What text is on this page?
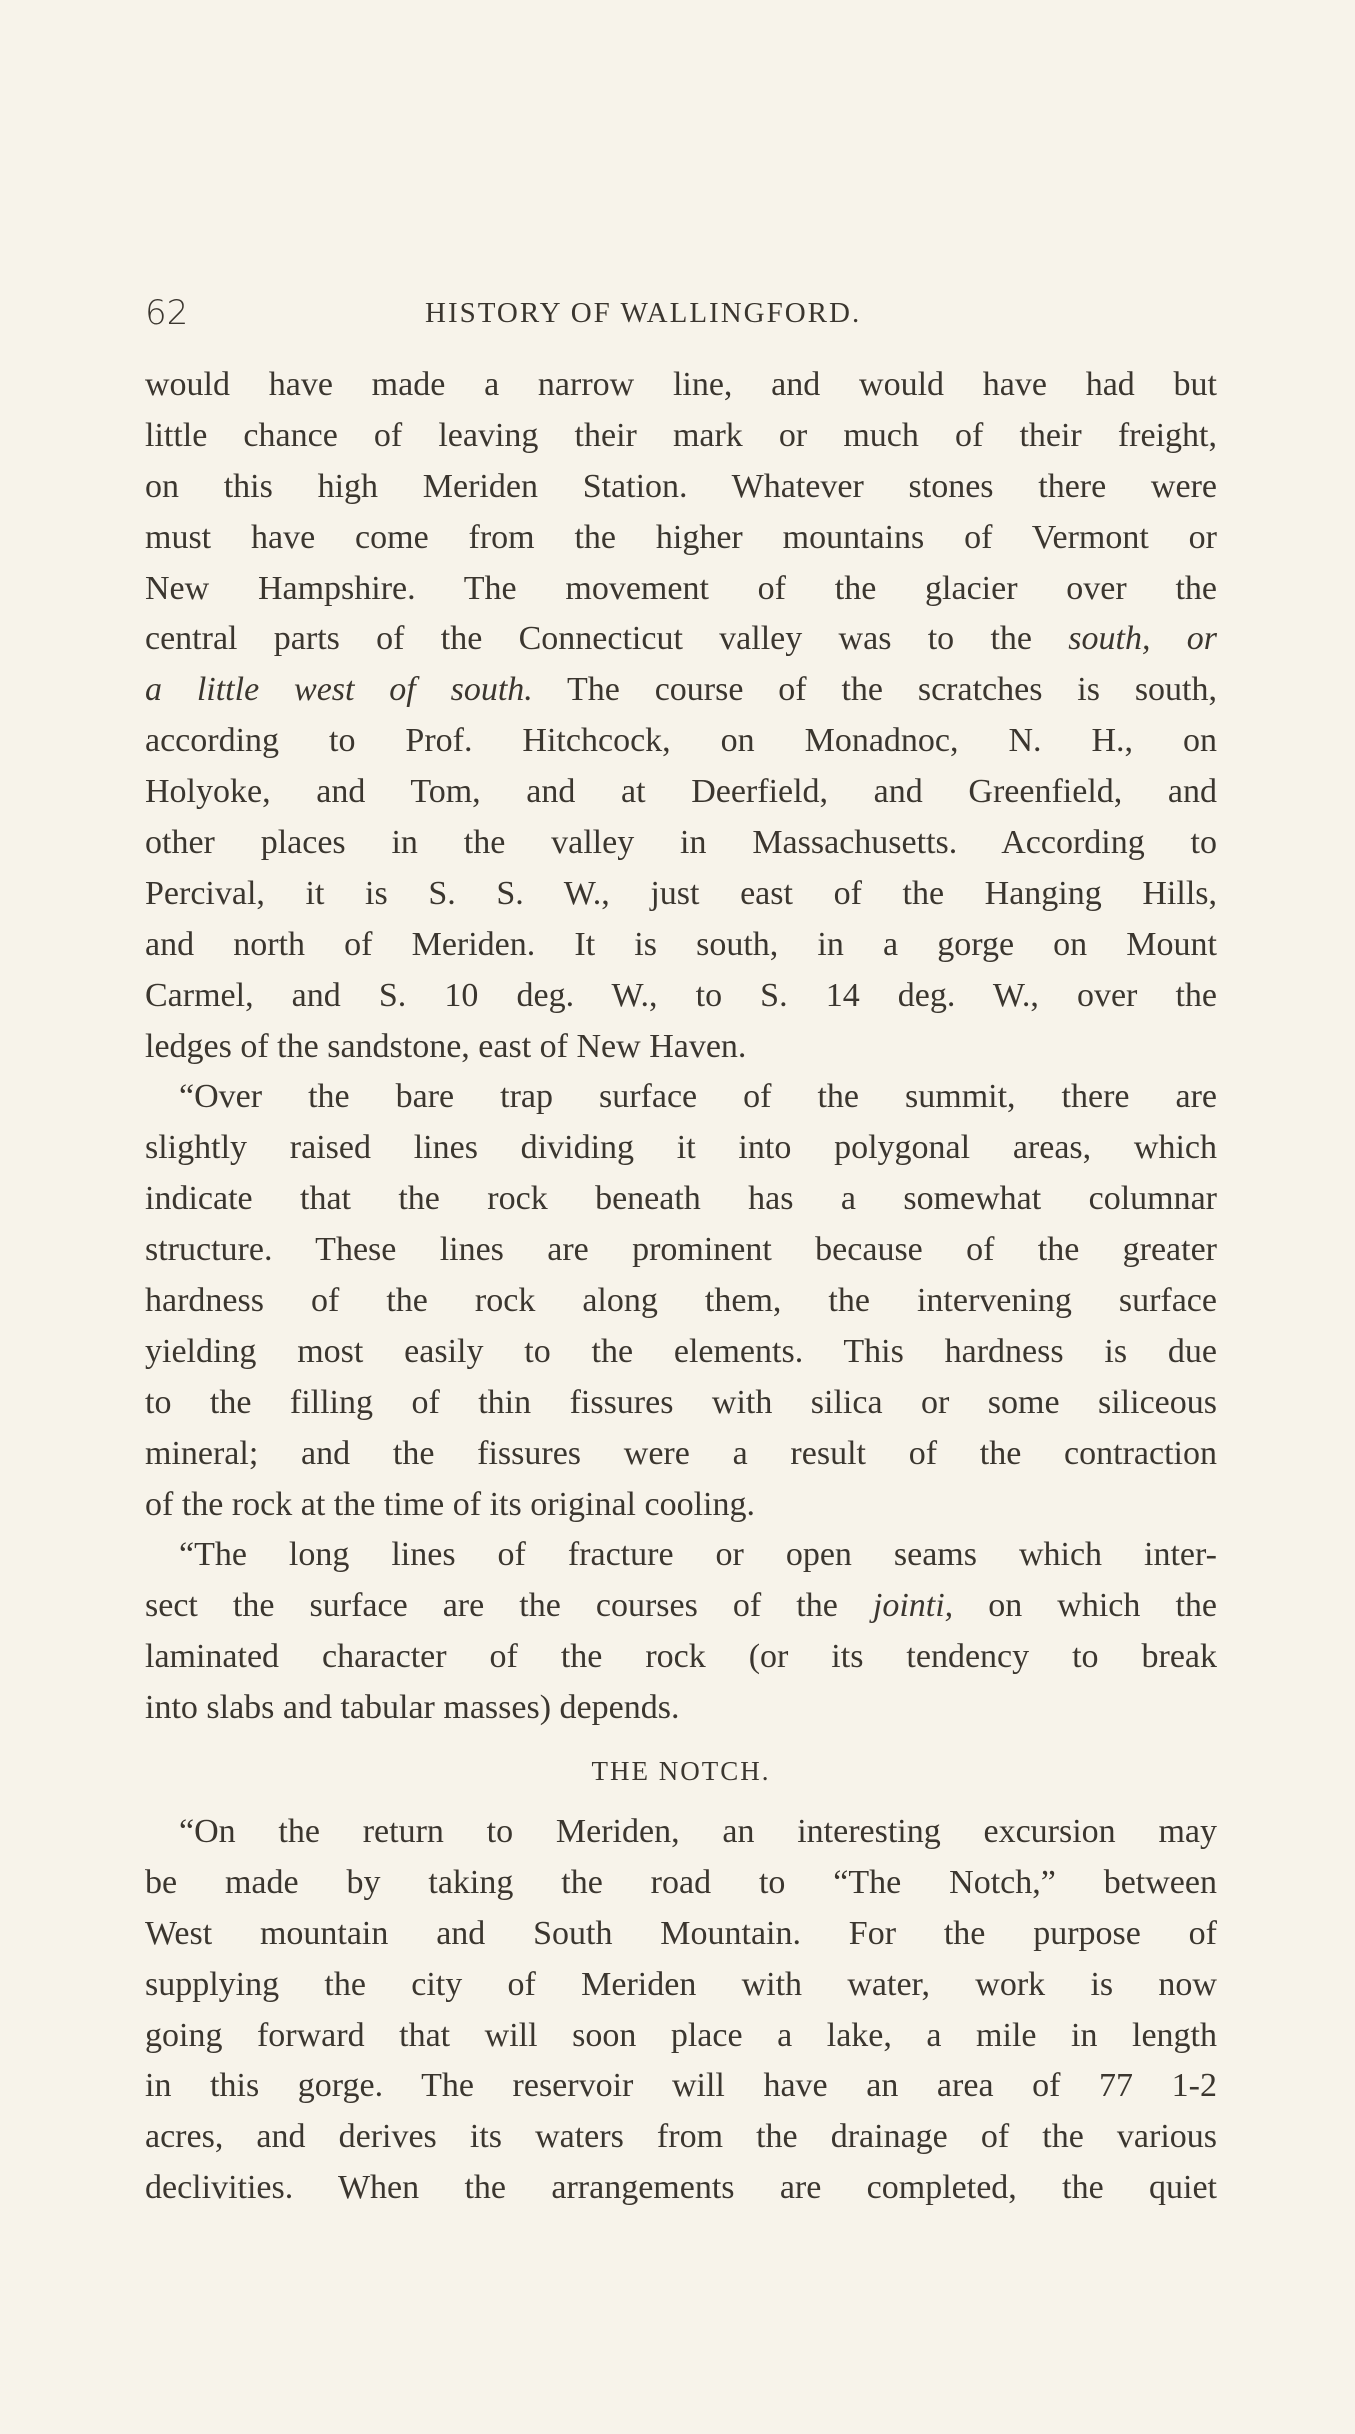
62	HISTORY OF WALLINGFORD.
would have made a narrow line, and would have had but
little chance of leaving their mark or much of their freight,
on this high Meriden Station. Whatever stones there were
must have come from the higher mountains of Vermont or
New Hampshire. The movement of the glacier over the
central parts of the Connecticut valley was to the south, or
a little west of south. The course of the scratches is south,
according to Prof. Hitchcock, on Monadnoc, N. H., on
Holyoke, and Tom, and at Deerfield, and Greenfield, and
other places in the valley in Massachusetts. According to
Percival, it is S. S. W., just east of the Hanging Hills,
and north of Meriden. It is south, in a gorge on Mount
Carmel, and S. 10 deg. W., to S. 14 deg. W., over the
ledges of the sandstone, east of New Haven.
“Over the bare trap surface of the summit, there are
slightly raised lines dividing it into polygonal areas, which
indicate that the rock beneath has a somewhat columnar
structure. These lines are prominent because of the greater
hardness of the rock along them, the intervening surface
yielding most easily to the elements. This hardness is due
to the filling of thin fissures with silica or some siliceous
mineral; and the fissures were a result of the contraction
of the rock at the time of its original cooling.
“The long lines of fracture or open seams which inter-
sect the surface are the courses of the jointi, on which the
laminated character of the rock (or its tendency to break
into slabs and tabular masses) depends.
THE NOTCH.
“On the return to Meriden, an interesting excursion may
be made by taking the road to “The Notch,” between
West mountain and South Mountain. For the purpose of
supplying the city of Meriden with water, work is now
going forward that will soon place a lake, a mile in length
in this gorge. The reservoir will have an area of 77 1-2
acres, and derives its waters from the drainage of the various
declivities. When the arrangements are completed, the quiet
